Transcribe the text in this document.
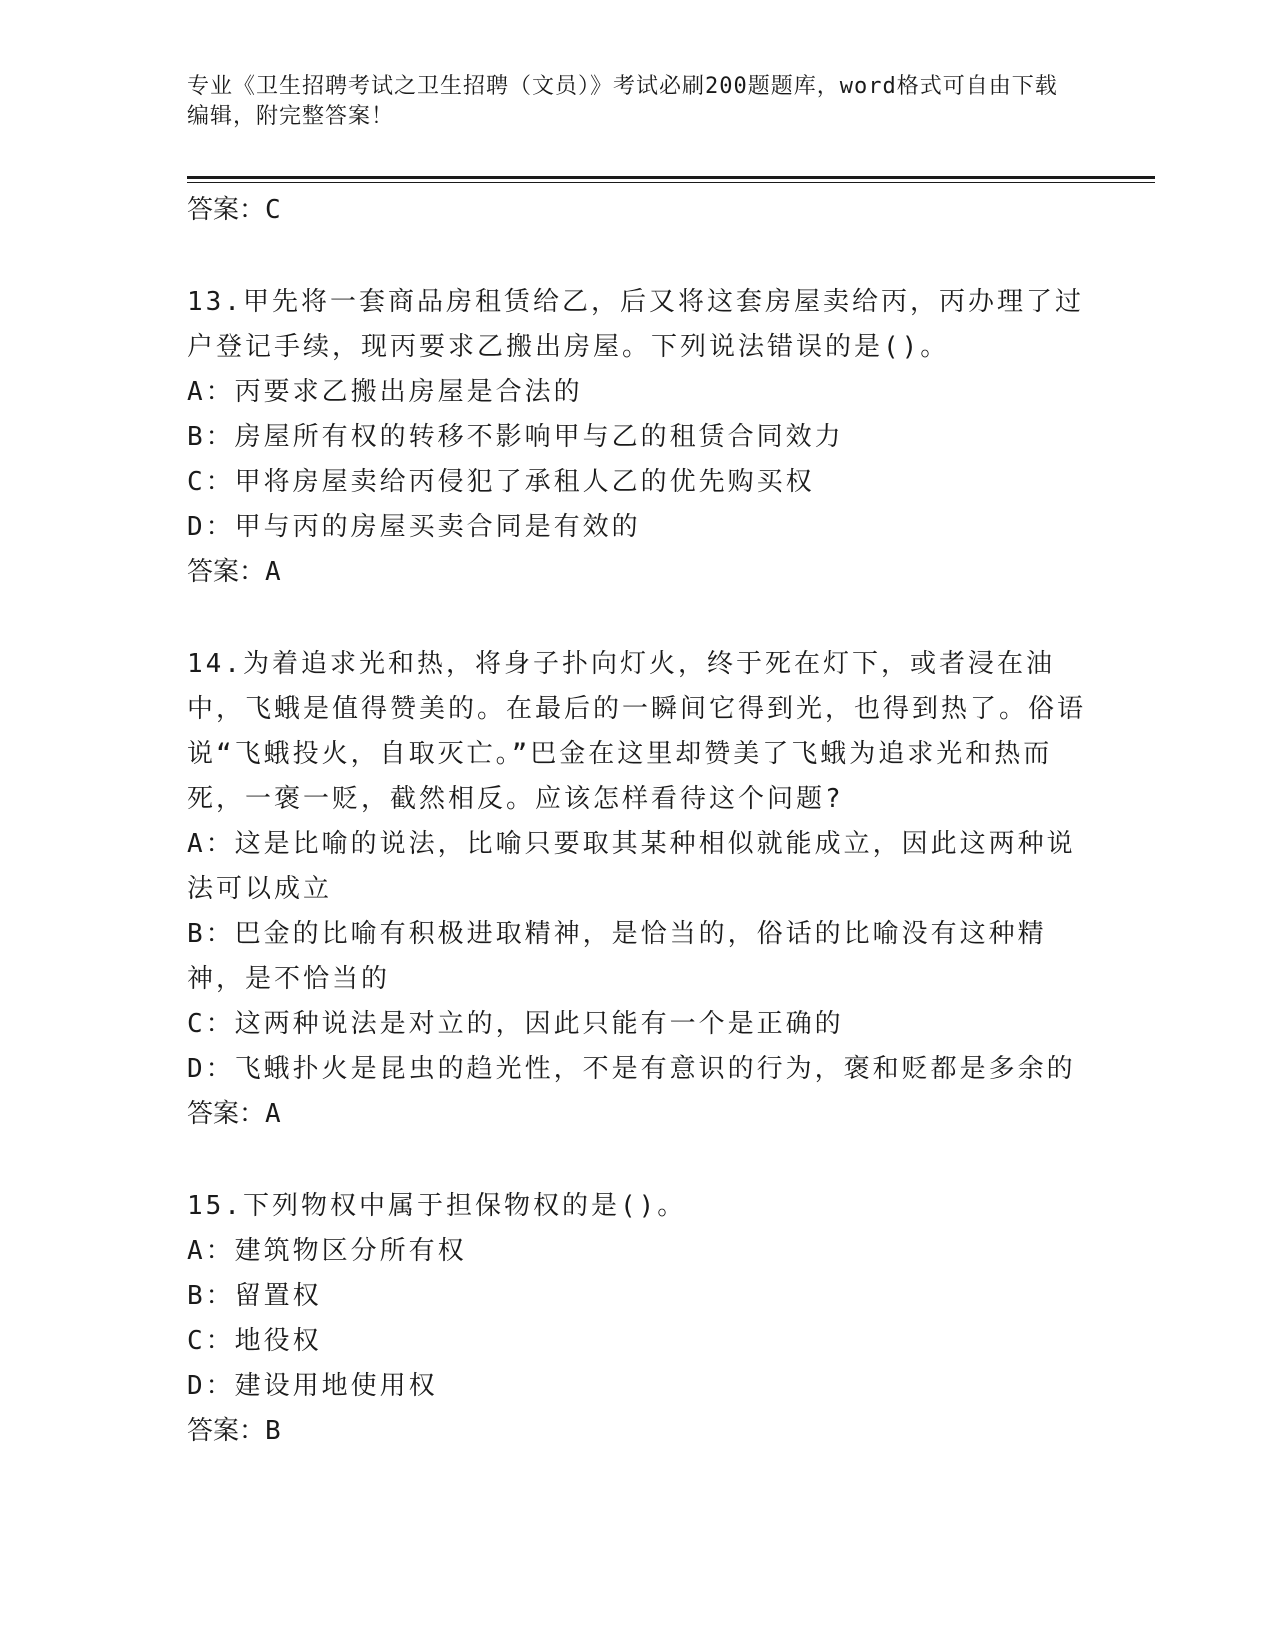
专业《卫生招聘考试之卫生招聘（文员）》考试必刷200题题库，word格式可自由下载编辑，附完整答案！

答案：C

13.甲先将一套商品房租赁给乙，后又将这套房屋卖给丙，丙办理了过户登记手续，现丙要求乙搬出房屋。下列说法错误的是()。

A：丙要求乙搬出房屋是合法的

B：房屋所有权的转移不影响甲与乙的租赁合同效力

C：甲将房屋卖给丙侵犯了承租人乙的优先购买权

D：甲与丙的房屋买卖合同是有效的

答案：A

14.为着追求光和热，将身子扑向灯火，终于死在灯下，或者浸在油中，飞蛾是值得赞美的。在最后的一瞬间它得到光，也得到热了。俗语说“飞蛾投火，自取灭亡。”巴金在这里却赞美了飞蛾为追求光和热而死，一褒一贬，截然相反。应该怎样看待这个问题?

A：这是比喻的说法，比喻只要取其某种相似就能成立，因此这两种说法可以成立

B：巴金的比喻有积极进取精神，是恰当的，俗话的比喻没有这种精神，是不恰当的

C：这两种说法是对立的，因此只能有一个是正确的

D：飞蛾扑火是昆虫的趋光性，不是有意识的行为，褒和贬都是多余的

答案：A

15.下列物权中属于担保物权的是()。

A：建筑物区分所有权

B：留置权

C：地役权

D：建设用地使用权

答案：B
